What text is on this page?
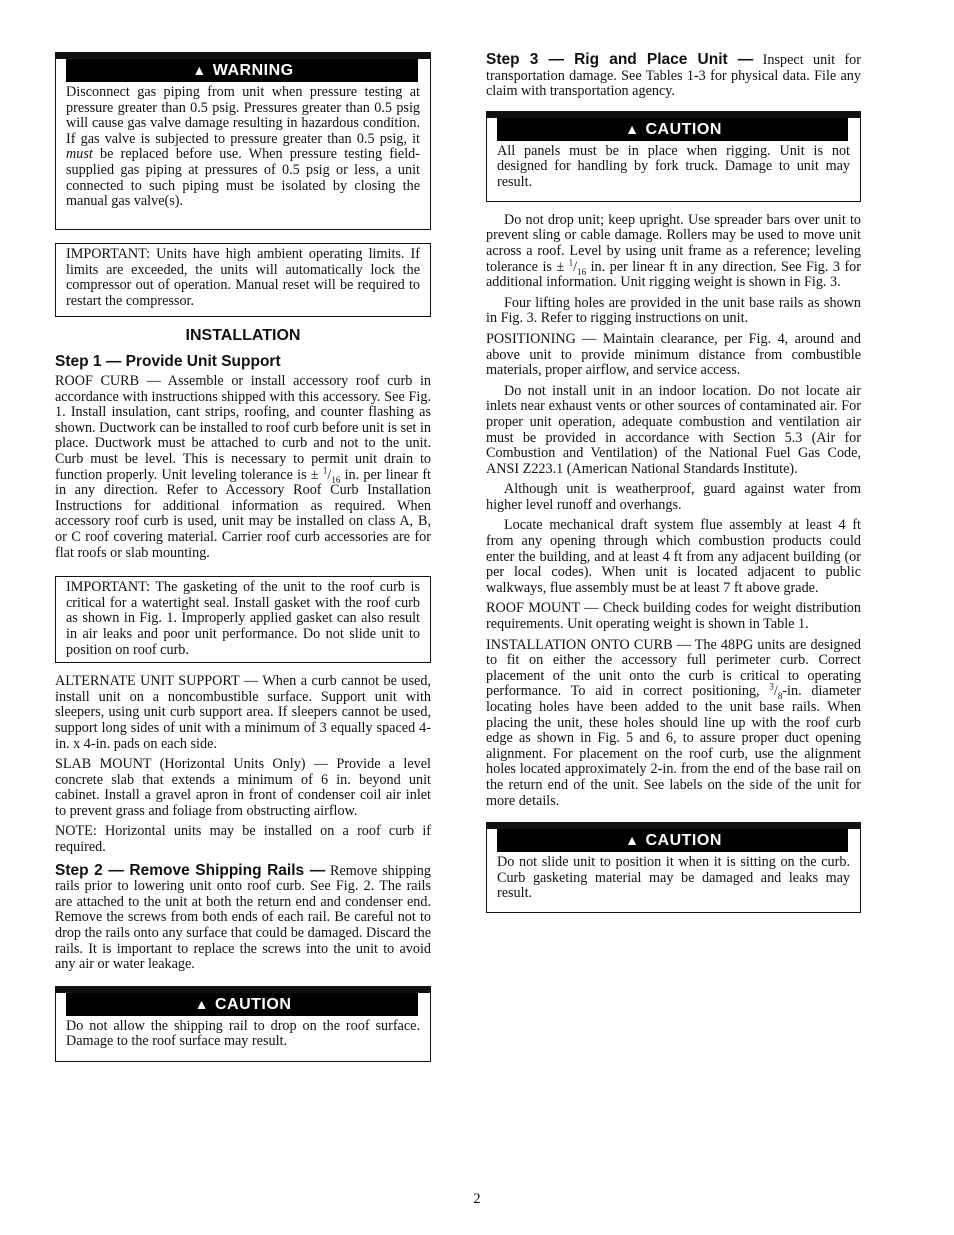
▲ WARNING

Disconnect gas piping from unit when pressure testing at pressure greater than 0.5 psig. Pressures greater than 0.5 psig will cause gas valve damage resulting in hazardous condition. If gas valve is subjected to pressure greater than 0.5 psig, it must be replaced before use. When pressure testing field-supplied gas piping at pressures of 0.5 psig or less, a unit connected to such piping must be isolated by closing the manual gas valve(s).

IMPORTANT: Units have high ambient operating limits. If limits are exceeded, the units will automatically lock the compressor out of operation. Manual reset will be required to restart the compressor.

INSTALLATION
Step 1 — Provide Unit Support

ROOF CURB — Assemble or install accessory roof curb in accordance with instructions shipped with this accessory. See Fig. 1. Install insulation, cant strips, roofing, and counter flashing as shown. Ductwork can be installed to roof curb before unit is set in place. Ductwork must be attached to curb and not to the unit. Curb must be level. This is necessary to permit unit drain to function properly. Unit leveling tolerance is ± $^1/_{16}$ in. per linear ft in any direction. Refer to Accessory Roof Curb Installation Instructions for additional information as required. When accessory roof curb is used, unit may be installed on class A, B, or C roof covering material. Carrier roof curb accessories are for flat roofs or slab mounting.

IMPORTANT: The gasketing of the unit to the roof curb is critical for a watertight seal. Install gasket with the roof curb as shown in Fig. 1. Improperly applied gasket can also result in air leaks and poor unit performance. Do not slide unit to position on roof curb.

ALTERNATE UNIT SUPPORT — When a curb cannot be used, install unit on a noncombustible surface. Support unit with sleepers, using unit curb support area. If sleepers cannot be used, support long sides of unit with a minimum of 3 equally spaced 4-in. x 4-in. pads on each side.

SLAB MOUNT (Horizontal Units Only) — Provide a level concrete slab that extends a minimum of 6 in. beyond unit cabinet. Install a gravel apron in front of condenser coil air inlet to prevent grass and foliage from obstructing airflow.

NOTE: Horizontal units may be installed on a roof curb if required.

Step 2 — Remove Shipping Rails — Remove shipping rails prior to lowering unit onto roof curb. See Fig. 2. The rails are attached to the unit at both the return end and condenser end. Remove the screws from both ends of each rail. Be careful not to drop the rails onto any surface that could be damaged. Discard the rails. It is important to replace the screws into the unit to avoid any air or water leakage.

▲ CAUTION

Do not allow the shipping rail to drop on the roof surface. Damage to the roof surface may result.

Step 3 — Rig and Place Unit — Inspect unit for transportation damage. See Tables 1-3 for physical data. File any claim with transportation agency.

▲ CAUTION

All panels must be in place when rigging. Unit is not designed for handling by fork truck. Damage to unit may result.

Do not drop unit; keep upright. Use spreader bars over unit to prevent sling or cable damage. Rollers may be used to move unit across a roof. Level by using unit frame as a reference; leveling tolerance is ± $^1/_{16}$ in. per linear ft in any direction. See Fig. 3 for additional information. Unit rigging weight is shown in Fig. 3.

Four lifting holes are provided in the unit base rails as shown in Fig. 3. Refer to rigging instructions on unit.

POSITIONING — Maintain clearance, per Fig. 4, around and above unit to provide minimum distance from combustible materials, proper airflow, and service access.

Do not install unit in an indoor location. Do not locate air inlets near exhaust vents or other sources of contaminated air. For proper unit operation, adequate combustion and ventilation air must be provided in accordance with Section 5.3 (Air for Combustion and Ventilation) of the National Fuel Gas Code, ANSI Z223.1 (American National Standards Institute).

Although unit is weatherproof, guard against water from higher level runoff and overhangs.

Locate mechanical draft system flue assembly at least 4 ft from any opening through which combustion products could enter the building, and at least 4 ft from any adjacent building (or per local codes). When unit is located adjacent to public walkways, flue assembly must be at least 7 ft above grade.

ROOF MOUNT — Check building codes for weight distribution requirements. Unit operating weight is shown in Table 1.

INSTALLATION ONTO CURB — The 48PG units are designed to fit on either the accessory full perimeter curb. Correct placement of the unit onto the curb is critical to operating performance. To aid in correct positioning, $^3/_8-in$. diameter locating holes have been added to the unit base rails. When placing the unit, these holes should line up with the roof curb edge as shown in Fig. 5 and 6, to assure proper duct opening alignment. For placement on the roof curb, use the alignment holes located approximately 2-in. from the end of the base rail on the return end of the unit. See labels on the side of the unit for more details.

▲ CAUTION

Do not slide unit to position it when it is sitting on the curb. Curb gasketing material may be damaged and leaks may result.

2
